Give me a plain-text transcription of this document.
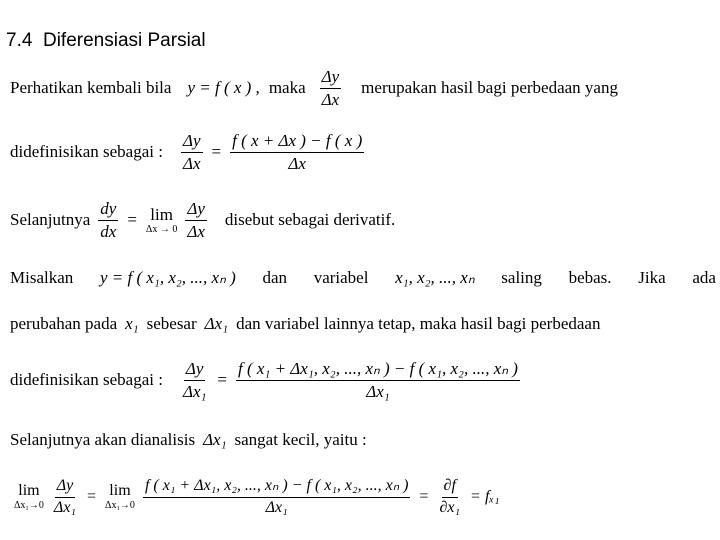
7.4  Diferensiasi Parsial
Perhatikan kembali bila y = f ( x ) , maka $\frac{\Delta y}{\Delta x}$ merupakan hasil bagi perbedaan yang
didefinisikan sebagai : $\frac{\Delta y}{\Delta x} = \frac{f ( x + \Delta x ) - f ( x )}{\Delta x}$
Selanjutnya $\frac{dy}{dx} = \lim$
$\Delta x \to 0 \frac{\Delta y}{\Delta x}$ disebut sebagai derivatif.
Misalkan y = f ( x₁, x₂, ..., xₙ ) dan variabel x₁, x₂, ..., xₙ saling bebas. Jika ada
perubahan pada x₁ sebesar Δx₁ dan variabel lainnya tetap, maka hasil bagi perbedaan
didefinisikan sebagai : $\frac{\Delta y}{\text{Δx₁}} = \frac{\text{f ( x₁ + Δx₁, x₂, ..., xₙ ) − f ( x₁, x₂, ..., xₙ )}}{\text{Δx₁}}$
Selanjutnya akan dianalisis Δx₁ sangat kecil, yaitu :
lim
$\Delta x_1\to 0 \frac{\Delta y}{\text{Δx₁}} = \lim$
$\Delta x_1\to 0 \frac{\text{f ( x₁ + Δx₁, x₂, ..., xₙ ) − f ( x₁, x₂, ..., xₙ )}}{\text{Δx₁}} = \frac{\partial f}{\text{∂x₁}} = f_{x1}$
